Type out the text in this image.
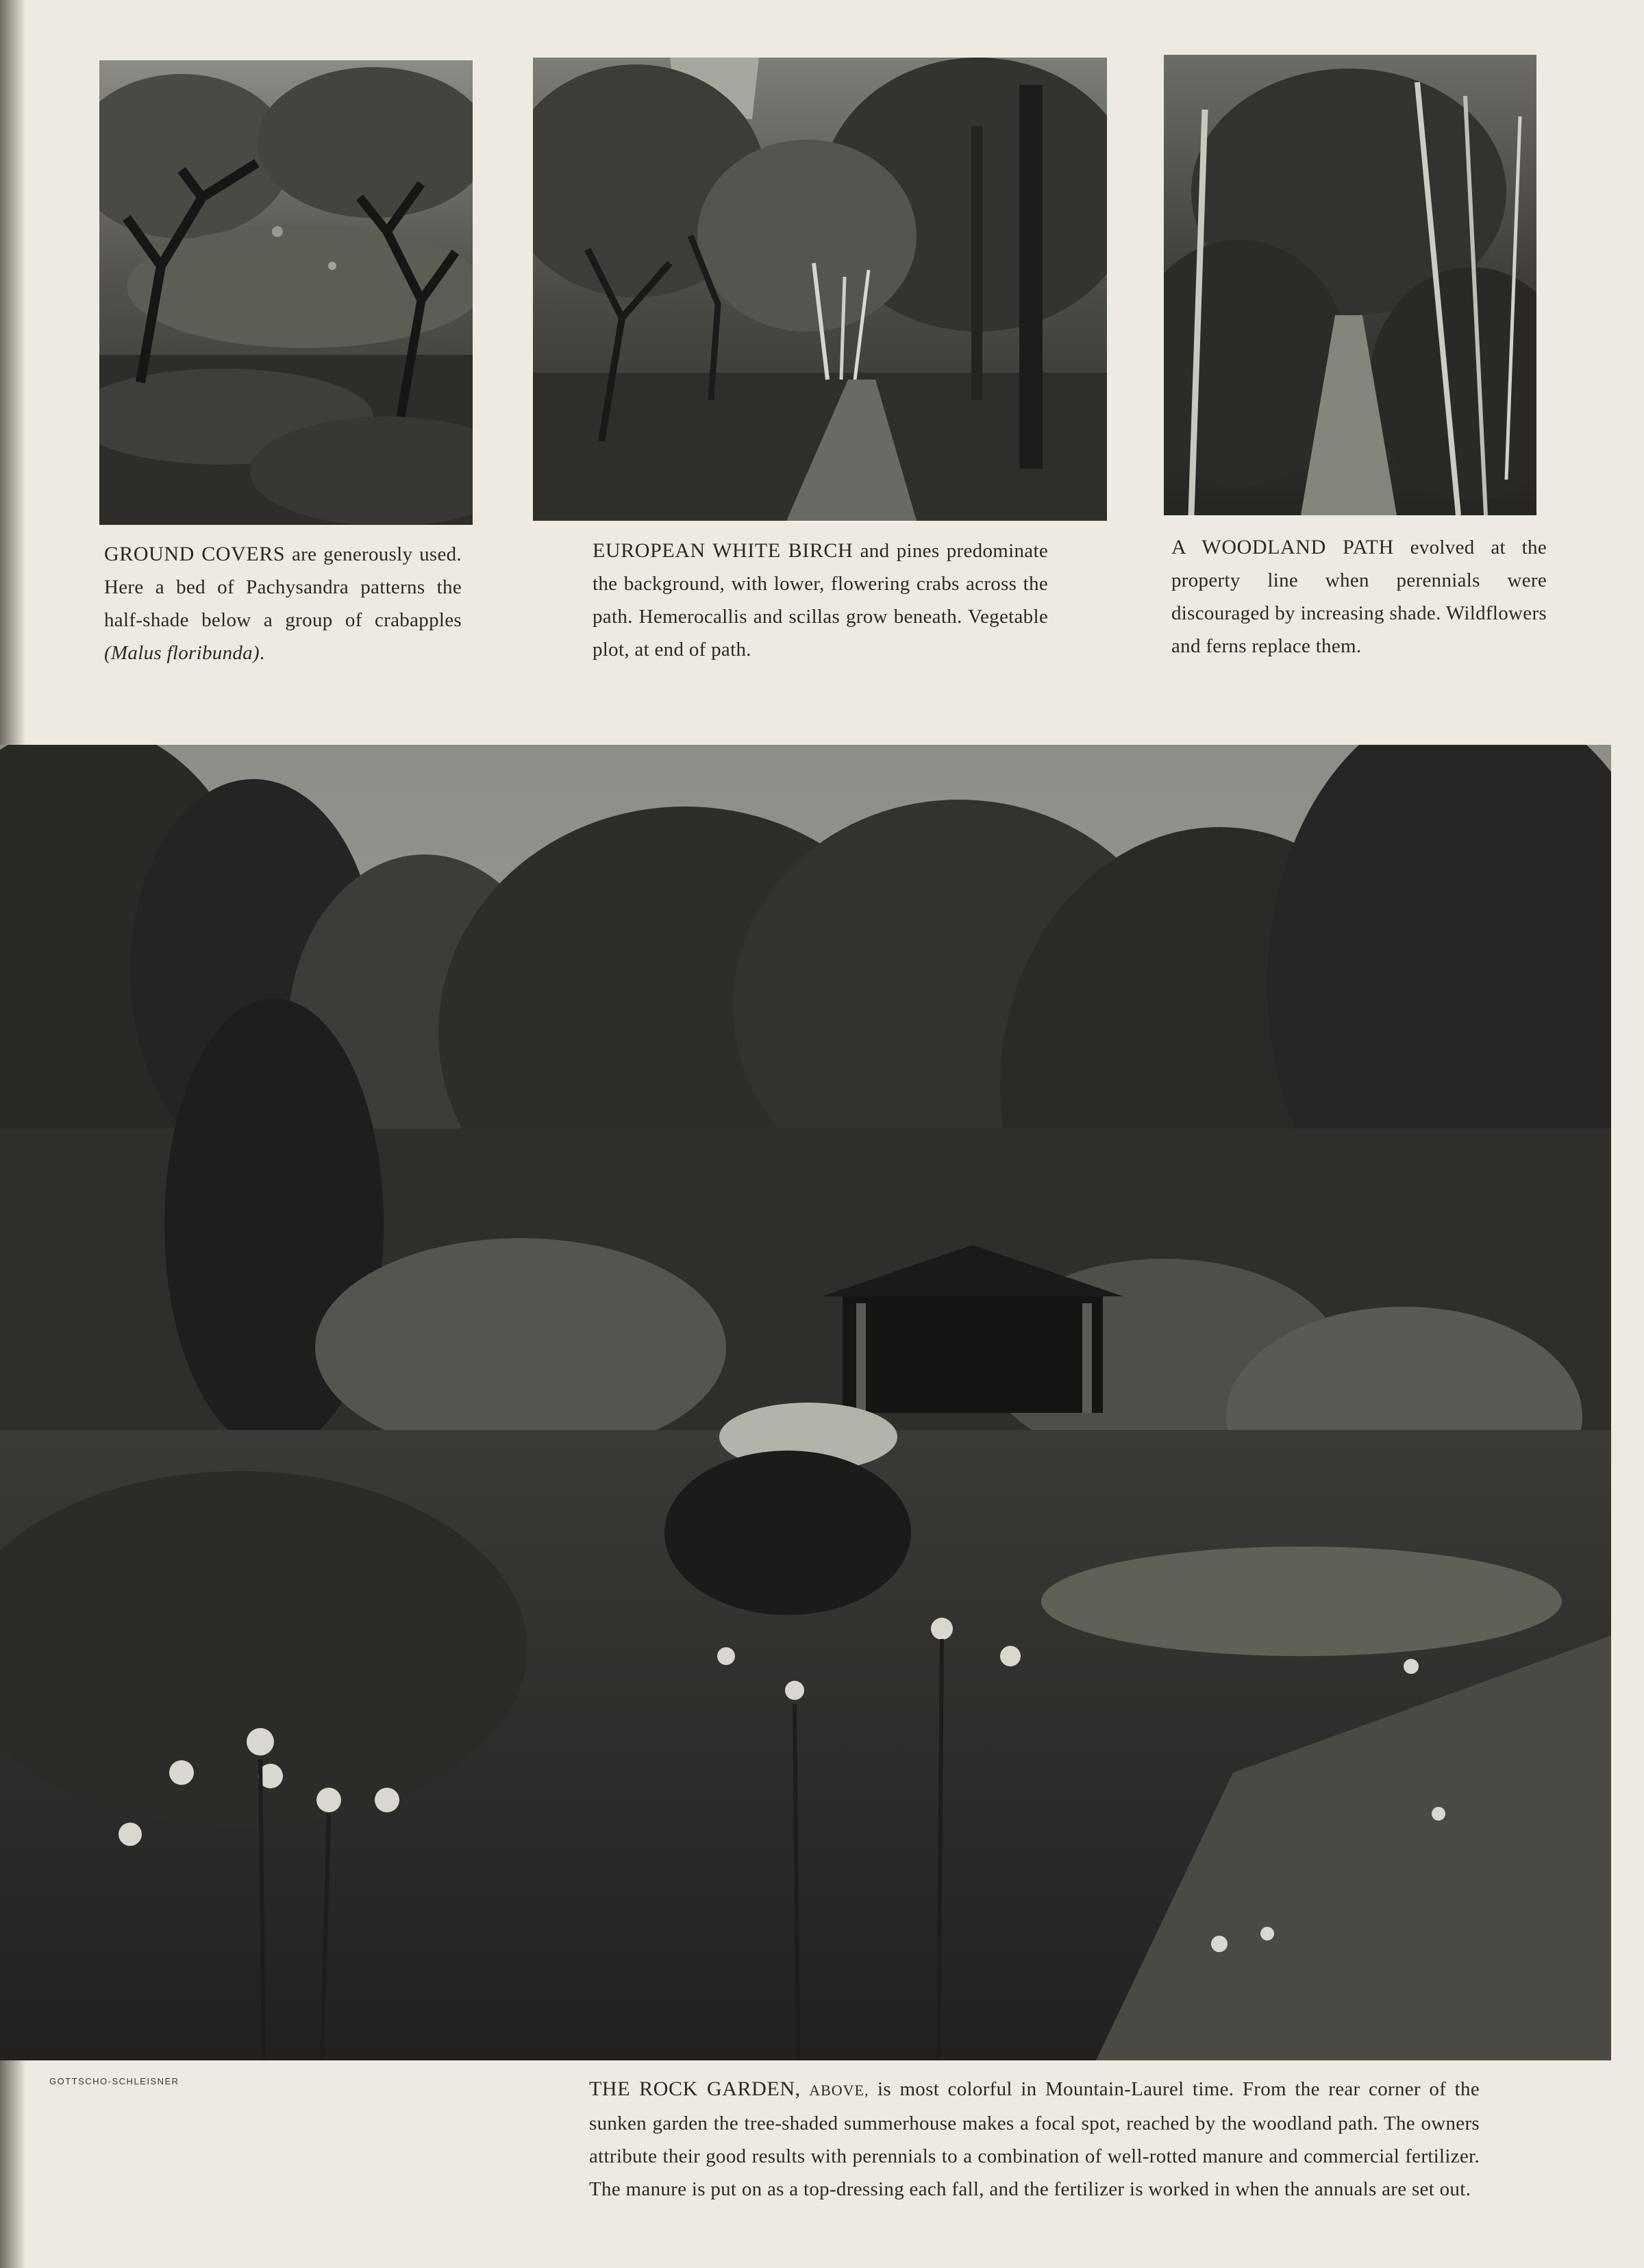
GROUND COVERS are generously used. Here a bed of Pachysandra patterns the half-shade below a group of crabapples (Malus floribunda).
EUROPEAN WHITE BIRCH and pines predominate the background, with lower, flowering crabs across the path. Hemerocallis and scillas grow beneath. Vegetable plot, at end of path.
A WOODLAND PATH evolved at the property line when perennials were discouraged by increasing shade. Wildflowers and ferns replace them.
GOTTSCHO-SCHLEISNER	THE ROCK GARDEN, ABOVE, is most colorful in Mountain-Laurel time. From the rear corner of the sunken garden the tree-shaded summerhouse makes a focal spot, reached by the woodland path. The owners attribute their good results with perennials to a combination of well-rotted manure and commercial fertilizer. The manure is put on as a top-dressing each fall, and the fertilizer is worked in when the annuals are set out.
